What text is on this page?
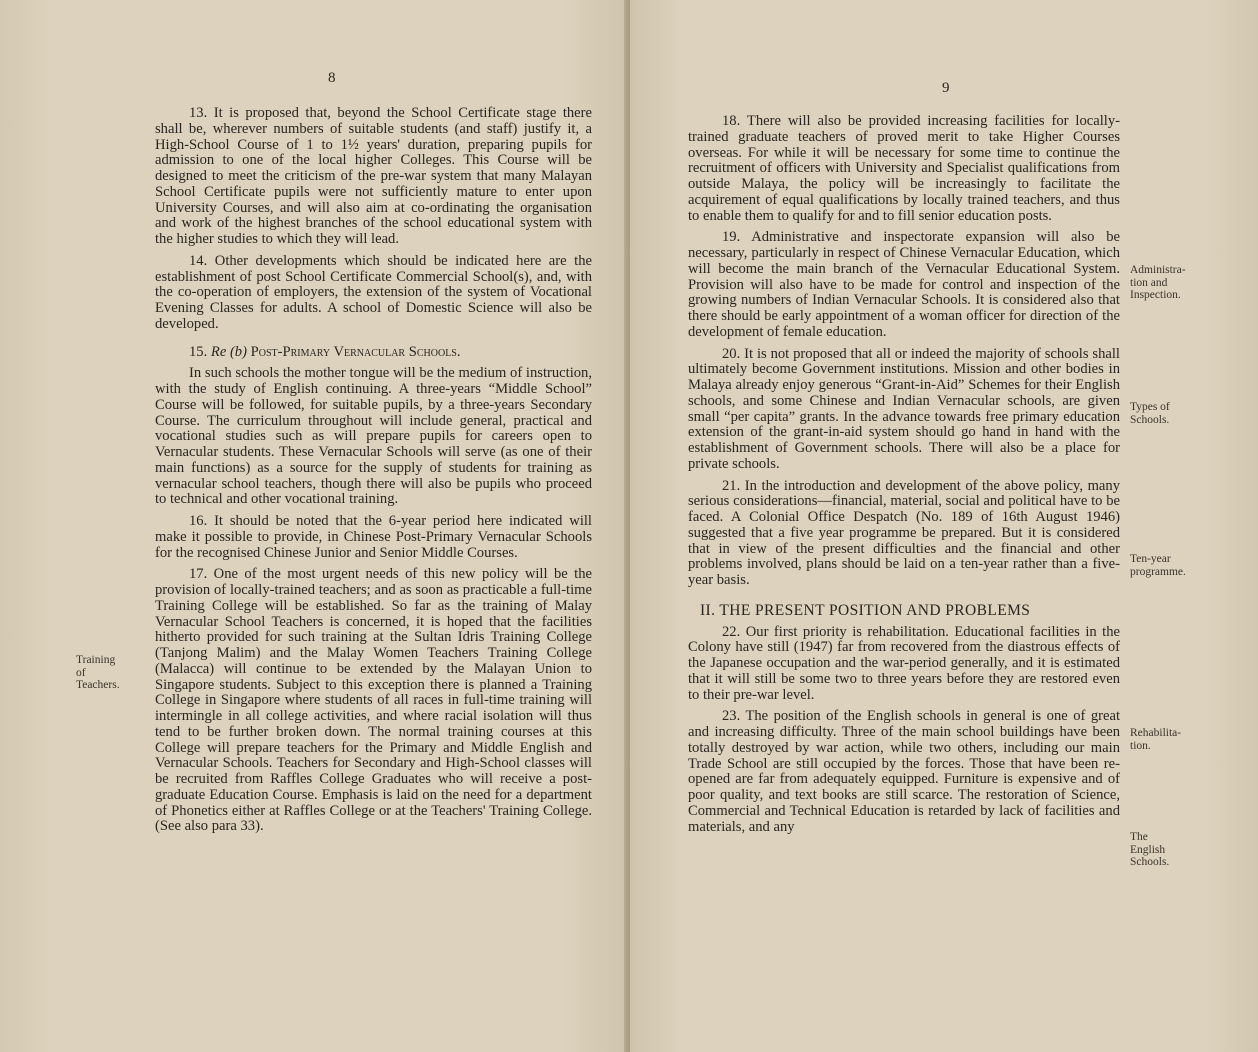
8

13. It is proposed that, beyond the School Certificate stage there shall be, wherever numbers of suitable students (and staff) justify it, a High-School Course of 1 to 1½ years' duration, preparing pupils for admission to one of the local higher Colleges. This Course will be designed to meet the criticism of the pre-war system that many Malayan School Certificate pupils were not sufficiently mature to enter upon University Courses, and will also aim at co-ordinating the organisation and work of the highest branches of the school educational system with the higher studies to which they will lead.

14. Other developments which should be indicated here are the establishment of post School Certificate Commercial School(s), and, with the co-operation of employers, the extension of the system of Vocational Evening Classes for adults. A school of Domestic Science will also be developed.

15. Re (b) Post-Primary Vernacular Schools.

In such schools the mother tongue will be the medium of instruction, with the study of English continuing. A three-years “Middle School” Course will be followed, for suitable pupils, by a three-years Secondary Course. The curriculum throughout will include general, practical and vocational studies such as will prepare pupils for careers open to Vernacular students. These Vernacular Schools will serve (as one of their main functions) as a source for the supply of students for training as vernacular school teachers, though there will also be pupils who proceed to technical and other vocational training.

16. It should be noted that the 6-year period here indicated will make it possible to provide, in Chinese Post-Primary Vernacular Schools for the recognised Chinese Junior and Senior Middle Courses.

17. One of the most urgent needs of this new policy will be the provision of locally-trained teachers; and as soon as practicable a full-time Training College will be established. So far as the training of Malay Vernacular School Teachers is concerned, it is hoped that the facilities hitherto provided for such training at the Sultan Idris Training College (Tanjong Malim) and the Malay Women Teachers Training College (Malacca) will continue to be extended by the Malayan Union to Singapore students. Subject to this exception there is planned a Training College in Singapore where students of all races in full-time training will intermingle in all college activities, and where racial isolation will thus tend to be further broken down. The normal training courses at this College will prepare teachers for the Primary and Middle English and Vernacular Schools. Teachers for Secondary and High-School classes will be recruited from Raffles College Graduates who will receive a post-graduate Education Course. Emphasis is laid on the need for a department of Phonetics either at Raffles College or at the Teachers' Training College. (See also para 33).

Training
of
Teachers.
9

18. There will also be provided increasing facilities for locally-trained graduate teachers of proved merit to take Higher Courses overseas. For while it will be necessary for some time to continue the recruitment of officers with University and Specialist qualifications from outside Malaya, the policy will be increasingly to facilitate the acquirement of equal qualifications by locally trained teachers, and thus to enable them to qualify for and to fill senior education posts.

19. Administrative and inspectorate expansion will also be necessary, particularly in respect of Chinese Vernacular Education, which will become the main branch of the Vernacular Educational System. Provision will also have to be made for control and inspection of the growing numbers of Indian Vernacular Schools. It is considered also that there should be early appointment of a woman officer for direction of the development of female education.

20. It is not proposed that all or indeed the majority of schools shall ultimately become Government institutions. Mission and other bodies in Malaya already enjoy generous “Grant-in-Aid” Schemes for their English schools, and some Chinese and Indian Vernacular schools, are given small “per capita” grants. In the advance towards free primary education extension of the grant-in-aid system should go hand in hand with the establishment of Government schools. There will also be a place for private schools.

21. In the introduction and development of the above policy, many serious considerations—financial, material, social and political have to be faced. A Colonial Office Despatch (No. 189 of 16th August 1946) suggested that a five year programme be prepared. But it is considered that in view of the present difficulties and the financial and other problems involved, plans should be laid on a ten-year rather than a five-year basis.

II. THE PRESENT POSITION AND PROBLEMS

22. Our first priority is rehabilitation. Educational facilities in the Colony have still (1947) far from recovered from the diastrous effects of the Japanese occupation and the war-period generally, and it is estimated that it will still be some two to three years before they are restored even to their pre-war level.

23. The position of the English schools in general is one of great and increasing difficulty. Three of the main school buildings have been totally destroyed by war action, while two others, including our main Trade School are still occupied by the forces. Those that have been re-opened are far from adequately equipped. Furniture is expensive and of poor quality, and text books are still scarce. The restoration of Science, Commercial and Technical Education is retarded by lack of facilities and materials, and any

Administra-
tion and
Inspection.
Types of
Schools.
Ten-year
programme.
Rehabilita-
tion.
The
English
Schools.
